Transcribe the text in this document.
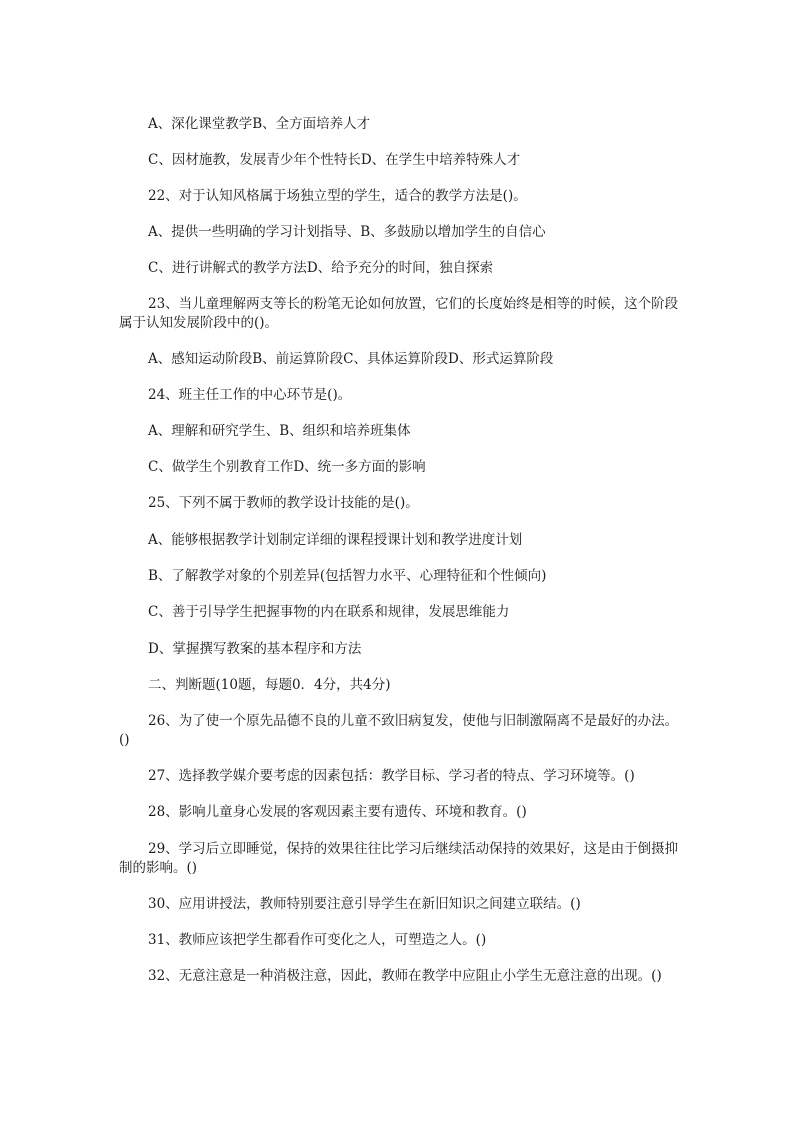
A、深化课堂教学B、全方面培养人才

C、因材施教，发展青少年个性特长D、在学生中培养特殊人才

22、对于认知风格属于场独立型的学生，适合的教学方法是()。

A、提供一些明确的学习计划指导、B、多鼓励以增加学生的自信心

C、进行讲解式的教学方法D、给予充分的时间，独自探索

23、当儿童理解两支等长的粉笔无论如何放置，它们的长度始终是相等的时候，这个阶段属于认知发展阶段中的()。

A、感知运动阶段B、前运算阶段C、具体运算阶段D、形式运算阶段

24、班主任工作的中心环节是()。

A、理解和研究学生、B、组织和培养班集体

C、做学生个别教育工作D、统一多方面的影响

25、下列不属于教师的教学设计技能的是()。

A、能够根据教学计划制定详细的课程授课计划和教学进度计划

B、了解教学对象的个别差异(包括智力水平、心理特征和个性倾向)

C、善于引导学生把握事物的内在联系和规律，发展思维能力

D、掌握撰写教案的基本程序和方法

二、判断题(10题，每题0．4分，共4分)

26、为了使一个原先品德不良的儿童不致旧病复发，使他与旧制激隔离不是最好的办法。()

27、选择教学媒介要考虑的因素包括：教学目标、学习者的特点、学习环境等。()

28、影响儿童身心发展的客观因素主要有遗传、环境和教育。()

29、学习后立即睡觉，保持的效果往往比学习后继续活动保持的效果好，这是由于倒摄抑制的影响。()

30、应用讲授法，教师特别要注意引导学生在新旧知识之间建立联结。()

31、教师应该把学生都看作可变化之人，可塑造之人。()

32、无意注意是一种消极注意，因此，教师在教学中应阻止小学生无意注意的出现。()
